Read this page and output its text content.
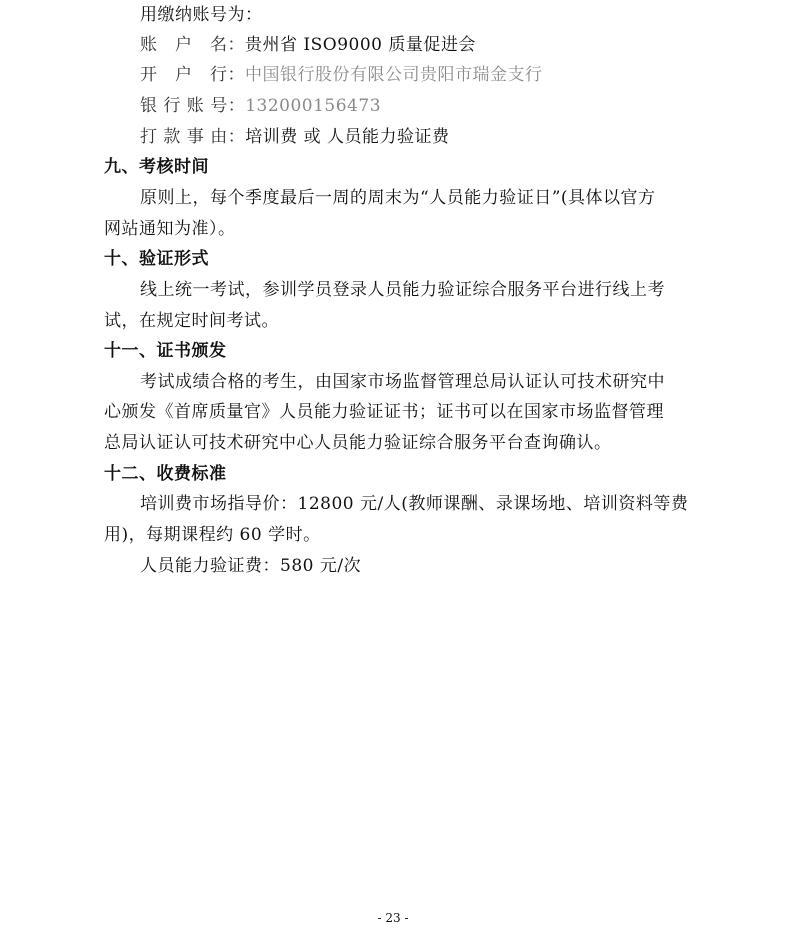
用缴纳账号为：
账　户　名：贵州省 ISO9000 质量促进会
开　户　行：中国银行股份有限公司贵阳市瑞金支行
银 行 账 号：132000156473
打 款 事 由：培训费 或 人员能力验证费
九、考核时间
原则上，每个季度最后一周的周末为“人员能力验证日”(具体以官方
网站通知为准）。
十、验证形式
线上统一考试，参训学员登录人员能力验证综合服务平台进行线上考
试，在规定时间考试。
十一、证书颁发
考试成绩合格的考生，由国家市场监督管理总局认证认可技术研究中
心颁发《首席质量官》人员能力验证证书；证书可以在国家市场监督管理
总局认证认可技术研究中心人员能力验证综合服务平台查询确认。
十二、收费标准
培训费市场指导价：12800 元/人(教师课酬、录课场地、培训资料等费
用)，每期课程约 60 学时。
人员能力验证费：580 元/次
- 23 -
